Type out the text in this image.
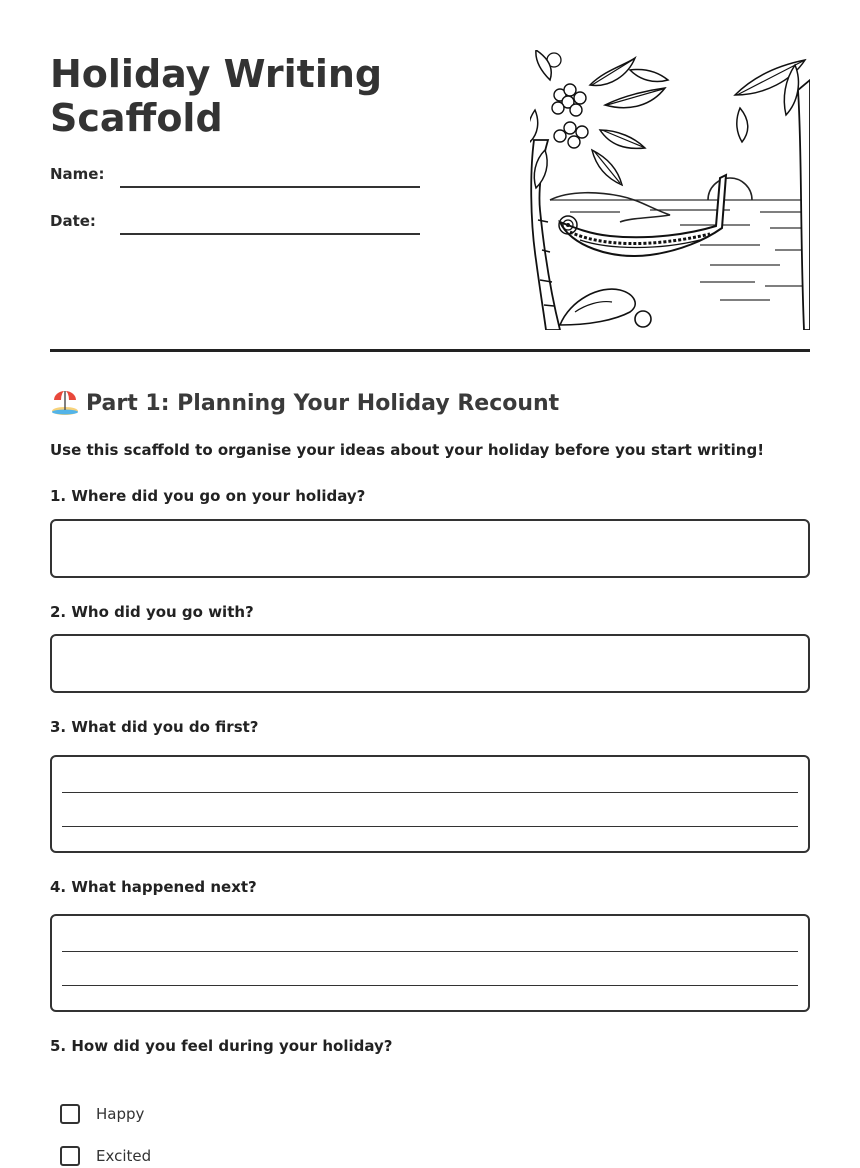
Holiday Writing Scaffold
Name:
Date:
Part 1: Planning Your Holiday Recount
Use this scaffold to organise your ideas about your holiday before you start writing!
1. Where did you go on your holiday?
2. Who did you go with?
3. What did you do first?
4. What happened next?
5. How did you feel during your holiday?
Happy
Excited
